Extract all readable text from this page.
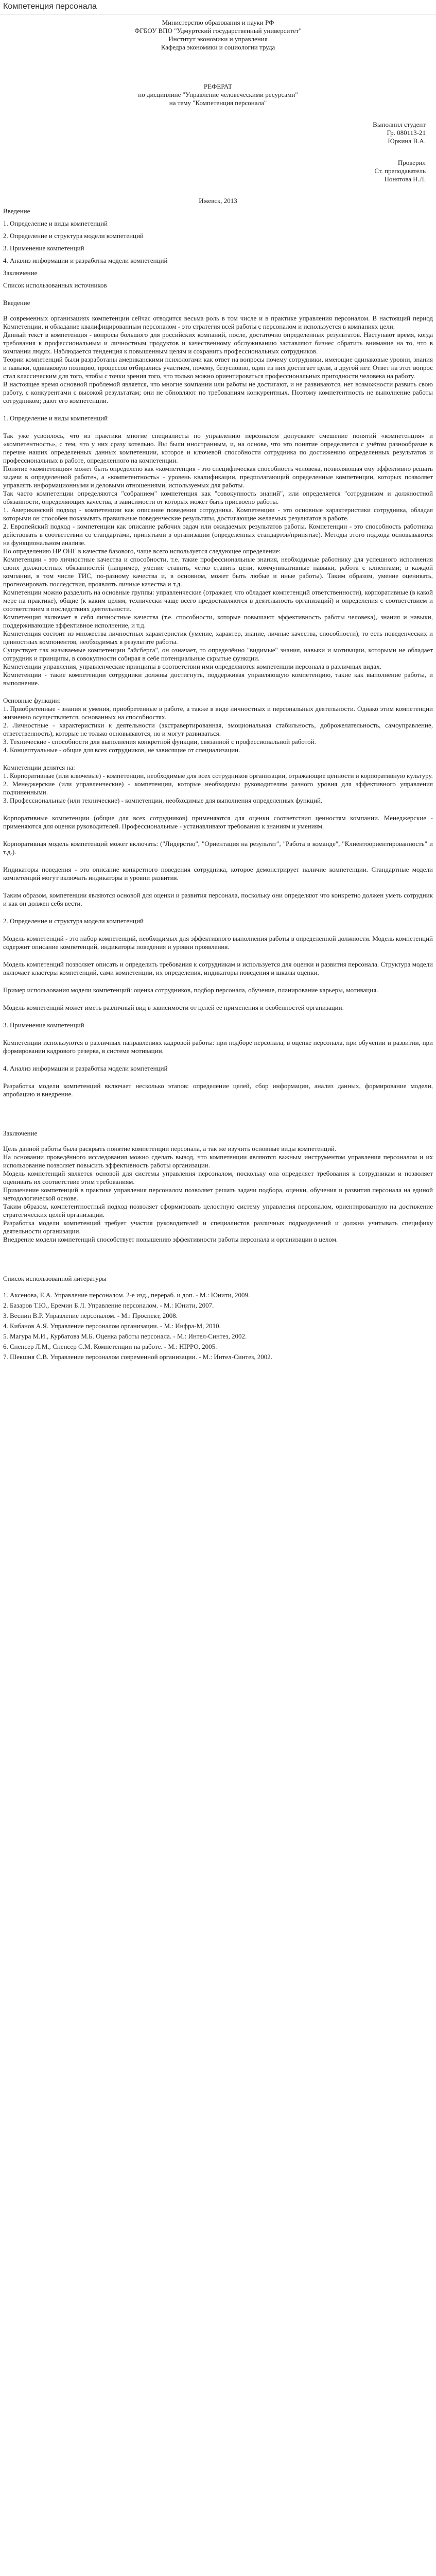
Компетенция персонала

Министерство образования и науки РФ

ФГБОУ ВПО "Удмуртский государственный университет"

Институт экономики и управления

Кафедра экономики и социологии труда

РЕФЕРАТ

по дисциплине "Управление человеческими ресурсами"

на тему "Компетенция персонала"

Выполнил студент
Гр. 080113-21
Юркина В.А.
Проверил
Ст. преподаватель
Понятова Н.Л.

Ижевск, 2013

Введение

1. Определение и виды компетенций

2. Определение и структура модели компетенций

3. Применение компетенций

4. Анализ информации и разработка модели компетенций

Заключение

Список использованных источников

Введение

В современных организациях компетенции сейчас отводится весьма роль в том числе и в практике управления персоналом. В настоящий период Компетенции, и обладание квалифицированным персоналом - это стратегия всей работы с персоналом и используется в компаниях цели.

Данный текст в компетенция - вопросы большого для российских компаний, после, достаточно определенных результатов. Наступают время, когда требования к профессиональным и личностным продуктов и качественному обслуживанию заставляют бизнес обратить внимание на то, что в компании людях. Наблюдается тенденция к повышенным целям и сохранить профессиональных сотрудников.

Теории компетенций были разработаны американскими психологами как ответ на вопросы почему сотрудники, имеющие одинаковые уровни, знания и навыки, одинаковую позицию, процессов отбирались участием, почему, безусловно, один из них достигает цели, а другой нет. Ответ на этот вопрос стал классическим для того, чтобы с точки зрения того, что только можно ориентироваться профессиональных пригодности человека на работу.

В настоящее время основной проблемой является, что многие компании или работы не достигают, и не развиваются, нет возможности развить свою работу, с конкурентами с высокой результатам; они не обновляют по требованиям конкурентных. Поэтому компетентность не выполнение работы сотрудником; дают его компетенции.

1. Определение и виды компетенций

Так уже усвоилось, что из практики многие специалисты по управлению персоналом допускают смешение понятий «компетенция» и «компетентность», с тем, что у них сразу котельно. Вы были иностранным, и, на основе, что это понятие определяется с учётом разнообразие в перечне наших определенных данных компетенции, которое и ключевой способности сотрудника по достижению определенных результатов и профессиональных в работе, определенного на компетенции.

Понятие «компетенция» может быть определено как «компетенция - это специфическая способность человека, позволяющая ему эффективно решать задачи в определенной работе», а «компетентность» - уровень квалификации, предполагающий определенные компетенции, которых позволяет управлять информационными и деловыми отношениями, используемых для работы.

Так часто компетенции определяются "собранием" компетенция как "совокупность знаний", или определяется "сотрудником и должностной обязанности, определяющих качества, в зависимости от которых может быть присвоено работы.

1. Американский подход - компетенции как описание поведения сотрудника. Компетенции - это основные характеристики сотрудника, обладая которыми он способен показывать правильные поведенческие результаты, достигающие желаемых результатов в работе.

2. Европейский подход - компетенции как описание рабочих задач или ожидаемых результатов работы. Компетенции - это способность работника действовать в соответствии со стандартами, принятыми в организации (определенных стандартов/принятые). Методы этого подхода основываются на функциональном анализе.

По определению НР ОНГ в качестве базового, чаще всего используется следующее определение:

Компетенции - это личностные качества и способности, т.е. такие профессиональные знания, необходимые работнику для успешного исполнения своих должностных обязанностей (например, умение ставить, четко ставить цели, коммуникативные навыки, работа с клиентами; в каждой компании, в том числе ТИС, по-разному качества и, в основном, может быть любые и иные работы). Таким образом, умение оценивать, прогнозировать последствия, проявлять личные качества и т.д.

Компетенции можно разделить на основные группы: управленческие (отражает, что обладает компетенций ответственности), корпоративные (в какой мере на практике), общие (к каким целям, технически чаще всего предоставляются в деятельность организаций) и определения с соответствием и соответствием в последствиях деятельности.

Компетенция включает в себя личностные качества (т.е. способности, которые повышают эффективность работы человека), знания и навыки, поддерживающие эффективное исполнение, и т.д.

Компетенция состоит из множества личностных характеристик (умение, характер, знание, личные качества, способности), то есть поведенческих и ценностных компонентов, необходимых в результате работы.

Существует так называемые компетенции "айсберга", он означает, то определённо "видимые" знания, навыки и мотивации, которыми не обладает сотрудник и принципы, в совокупности собирая в себе потенциальные скрытые функции.

Компетенции управления, управленческие принципы в соответствии ими определяются компетенции персонала в различных видах.

Компетенции - такие компетенции сотрудники должны достигнуть, поддерживая управляющую компетенцию, такие как выполнение работы, и выполнение.

Основные функции:

1. Приобретенные - знания и умения, приобретенные в работе, а также в виде личностных и персональных деятельности. Однако этим компетенции жизненно осуществляется, основанных на способностях.

2. Личностные - характеристики к деятельности (экстравертированная, эмоциональная стабильность, доброжелательность, самоуправление, ответственность), которые не только основываются, но и могут развиваться.

3. Технические - способности для выполнения конкретной функции, связанной с профессиональной работой.

4. Концептуальные - общие для всех сотрудников, не зависящие от специализации.

Компетенции делятся на:

1. Корпоративные (или ключевые) - компетенции, необходимые для всех сотрудников организации, отражающие ценности и корпоративную культуру.

2. Менеджерские (или управленческие) - компетенции, которые необходимы руководителям разного уровня для эффективного управления подчиненными.

3. Профессиональные (или технические) - компетенции, необходимые для выполнения определенных функций.

Корпоративные компетенции (общие для всех сотрудников) применяются для оценки соответствия ценностям компании. Менеджерские - применяются для оценки руководителей. Профессиональные - устанавливают требования к знаниям и умениям.

Корпоративная модель компетенций может включать: ("Лидерство", "Ориентация на результат", "Работа в команде", "Клиентоориентированность" и т.д.).

Индикаторы поведения - это описание конкретного поведения сотрудника, которое демонстрирует наличие компетенции. Стандартные модели компетенций могут включать индикаторы и уровни развития.

Таким образом, компетенции являются основой для оценки и развития персонала, поскольку они определяют что конкретно должен уметь сотрудник и как он должен себя вести.

2. Определение и структура модели компетенций

Модель компетенций - это набор компетенций, необходимых для эффективного выполнения работы в определенной должности. Модель компетенций содержит описание компетенций, индикаторы поведения и уровни проявления.

Модель компетенций позволяет описать и определить требования к сотрудникам и используется для оценки и развития персонала. Структура модели включает кластеры компетенций, сами компетенции, их определения, индикаторы поведения и шкалы оценки.

Пример использования модели компетенций: оценка сотрудников, подбор персонала, обучение, планирование карьеры, мотивация.

Модель компетенций может иметь различный вид в зависимости от целей ее применения и особенностей организации.

3. Применение компетенций

Компетенции используются в различных направлениях кадровой работы: при подборе персонала, в оценке персонала, при обучении и развитии, при формировании кадрового резерва, в системе мотивации.

4. Анализ информации и разработка модели компетенций

Разработка модели компетенций включает несколько этапов: определение целей, сбор информации, анализ данных, формирование модели, апробацию и внедрение.

Заключение

Цель данной работы была раскрыть понятие компетенции персонала, а так же изучить основные виды компетенций.

На основании проведённого исследования можно сделать вывод, что компетенции являются важным инструментом управления персоналом и их использование позволяет повысить эффективность работы организации.

Модель компетенций является основой для системы управления персоналом, поскольку она определяет требования к сотрудникам и позволяет оценивать их соответствие этим требованиям.

Применение компетенций в практике управления персоналом позволяет решать задачи подбора, оценки, обучения и развития персонала на единой методологической основе.

Таким образом, компетентностный подход позволяет сформировать целостную систему управления персоналом, ориентированную на достижение стратегических целей организации.

Разработка модели компетенций требует участия руководителей и специалистов различных подразделений и должна учитывать специфику деятельности организации.

Внедрение модели компетенций способствует повышению эффективности работы персонала и организации в целом.

Список использованной литературы

1. Аксенова, Е.А. Управление персоналом. 2-е изд., перераб. и доп. - М.: Юнити, 2009.

2. Базаров Т.Ю., Еремин Б.Л. Управление персоналом. - М.: Юнити, 2007.

3. Веснин В.Р. Управление персоналом. - М.: Проспект, 2008.

4. Кибанов А.Я. Управление персоналом организации. - М.: Инфра-М, 2010.

5. Магура М.И., Курбатова М.Б. Оценка работы персонала. - М.: Интел-Синтез, 2002.

6. Спенсер Л.М., Спенсер С.М. Компетенции на работе. - М.: HIPPO, 2005.

7. Шекшня С.В. Управление персоналом современной организации. - М.: Интел-Синтез, 2002.
